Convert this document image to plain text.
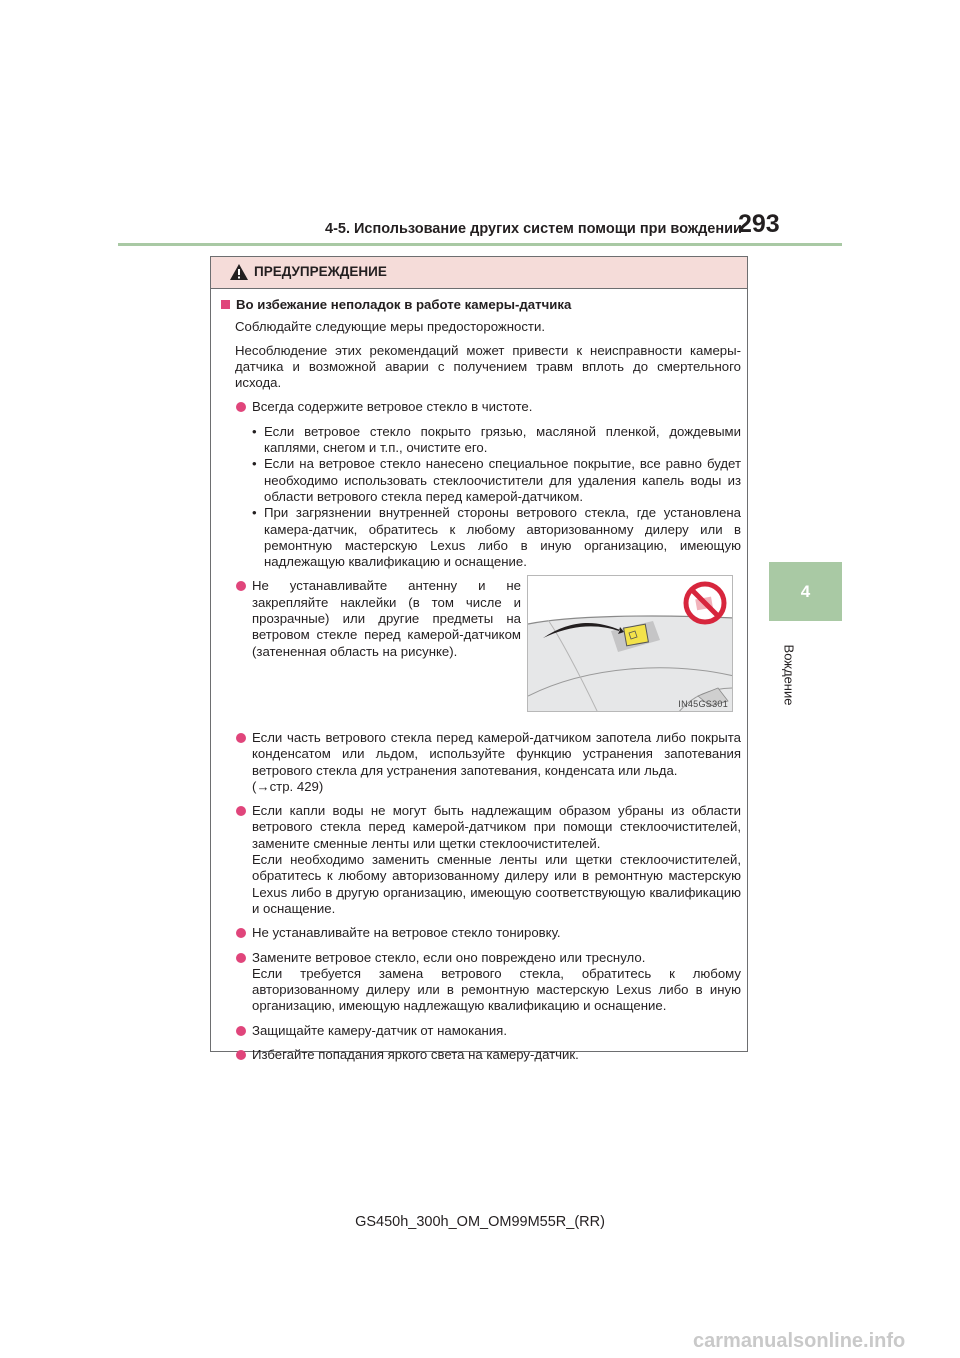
4-5. Использование других систем помощи при вождении
293
4
Вождение
ПРЕДУПРЕЖДЕНИЕ

Во избежание неполадок в работе камеры-датчика

Соблюдайте следующие меры предосторожности.

Несоблюдение этих рекомендаций может привести к неисправности камеры-датчика и возможной аварии с получением травм вплоть до смертельного исхода.

Всегда содержите ветровое стекло в чистоте.
• Если ветровое стекло покрыто грязью, масляной пленкой, дождевыми каплями, снегом и т.п., очистите его.
• Если на ветровое стекло нанесено специальное покрытие, все равно будет необходимо использовать стеклоочистители для удаления капель воды из области ветрового стекла перед камерой-датчиком.
• При загрязнении внутренней стороны ветрового стекла, где установлена камера-датчик, обратитесь к любому авторизованному дилеру или в ремонтную мастерскую Lexus либо в иную организацию, имеющую надлежащую квалификацию и оснащение.
Не устанавливайте антенну и не закрепляйте наклейки (в том числе и прозрачные) или другие предметы на ветровом стекле перед камерой-датчиком (затененная область на рисунке).
Если часть ветрового стекла перед камерой-датчиком запотела либо покрыта конденсатом или льдом, используйте функцию устранения запотевания ветрового стекла для устранения запотевания, конденсата или льда.
(→стр. 429)
Если капли воды не могут быть надлежащим образом убраны из области ветрового стекла перед камерой-датчиком при помощи стеклоочистителей, замените сменные ленты или щетки стеклоочистителей.
Если необходимо заменить сменные ленты или щетки стеклоочистителей, обратитесь к любому авторизованному дилеру или в ремонтную мастерскую Lexus либо в другую организацию, имеющую соответствующую квалификацию и оснащение.
Не устанавливайте на ветровое стекло тонировку.
Замените ветровое стекло, если оно повреждено или треснуло.
Если требуется замена ветрового стекла, обратитесь к любому авторизованному дилеру или в ремонтную мастерскую Lexus либо в иную организацию, имеющую надлежащую квалификацию и оснащение.
Защищайте камеру-датчик от намокания.
Избегайте попадания яркого света на камеру-датчик.
IN45GS301
GS450h_300h_OM_OM99M55R_(RR)
carmanualsonline.info
